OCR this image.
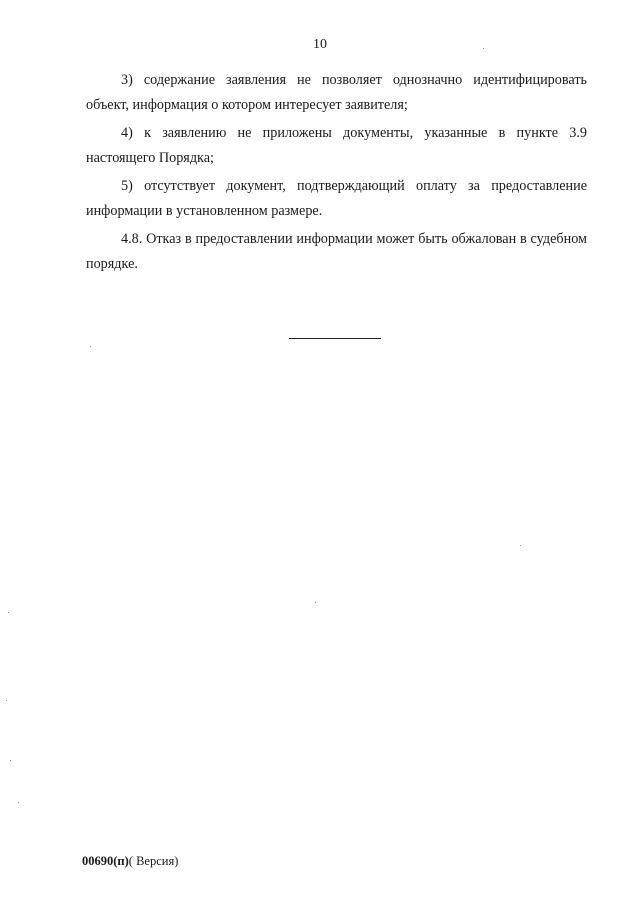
10

3) содержание заявления не позволяет однозначно идентифицировать объект, информация о котором интересует заявителя;

4) к заявлению не приложены документы, указанные в пункте 3.9 настоящего Порядка;

5) отсутствует документ, подтверждающий оплату за предоставление информации в установленном размере.

4.8. Отказ в предоставлении информации может быть обжалован в судебном порядке.

00690(п)( Версия)
